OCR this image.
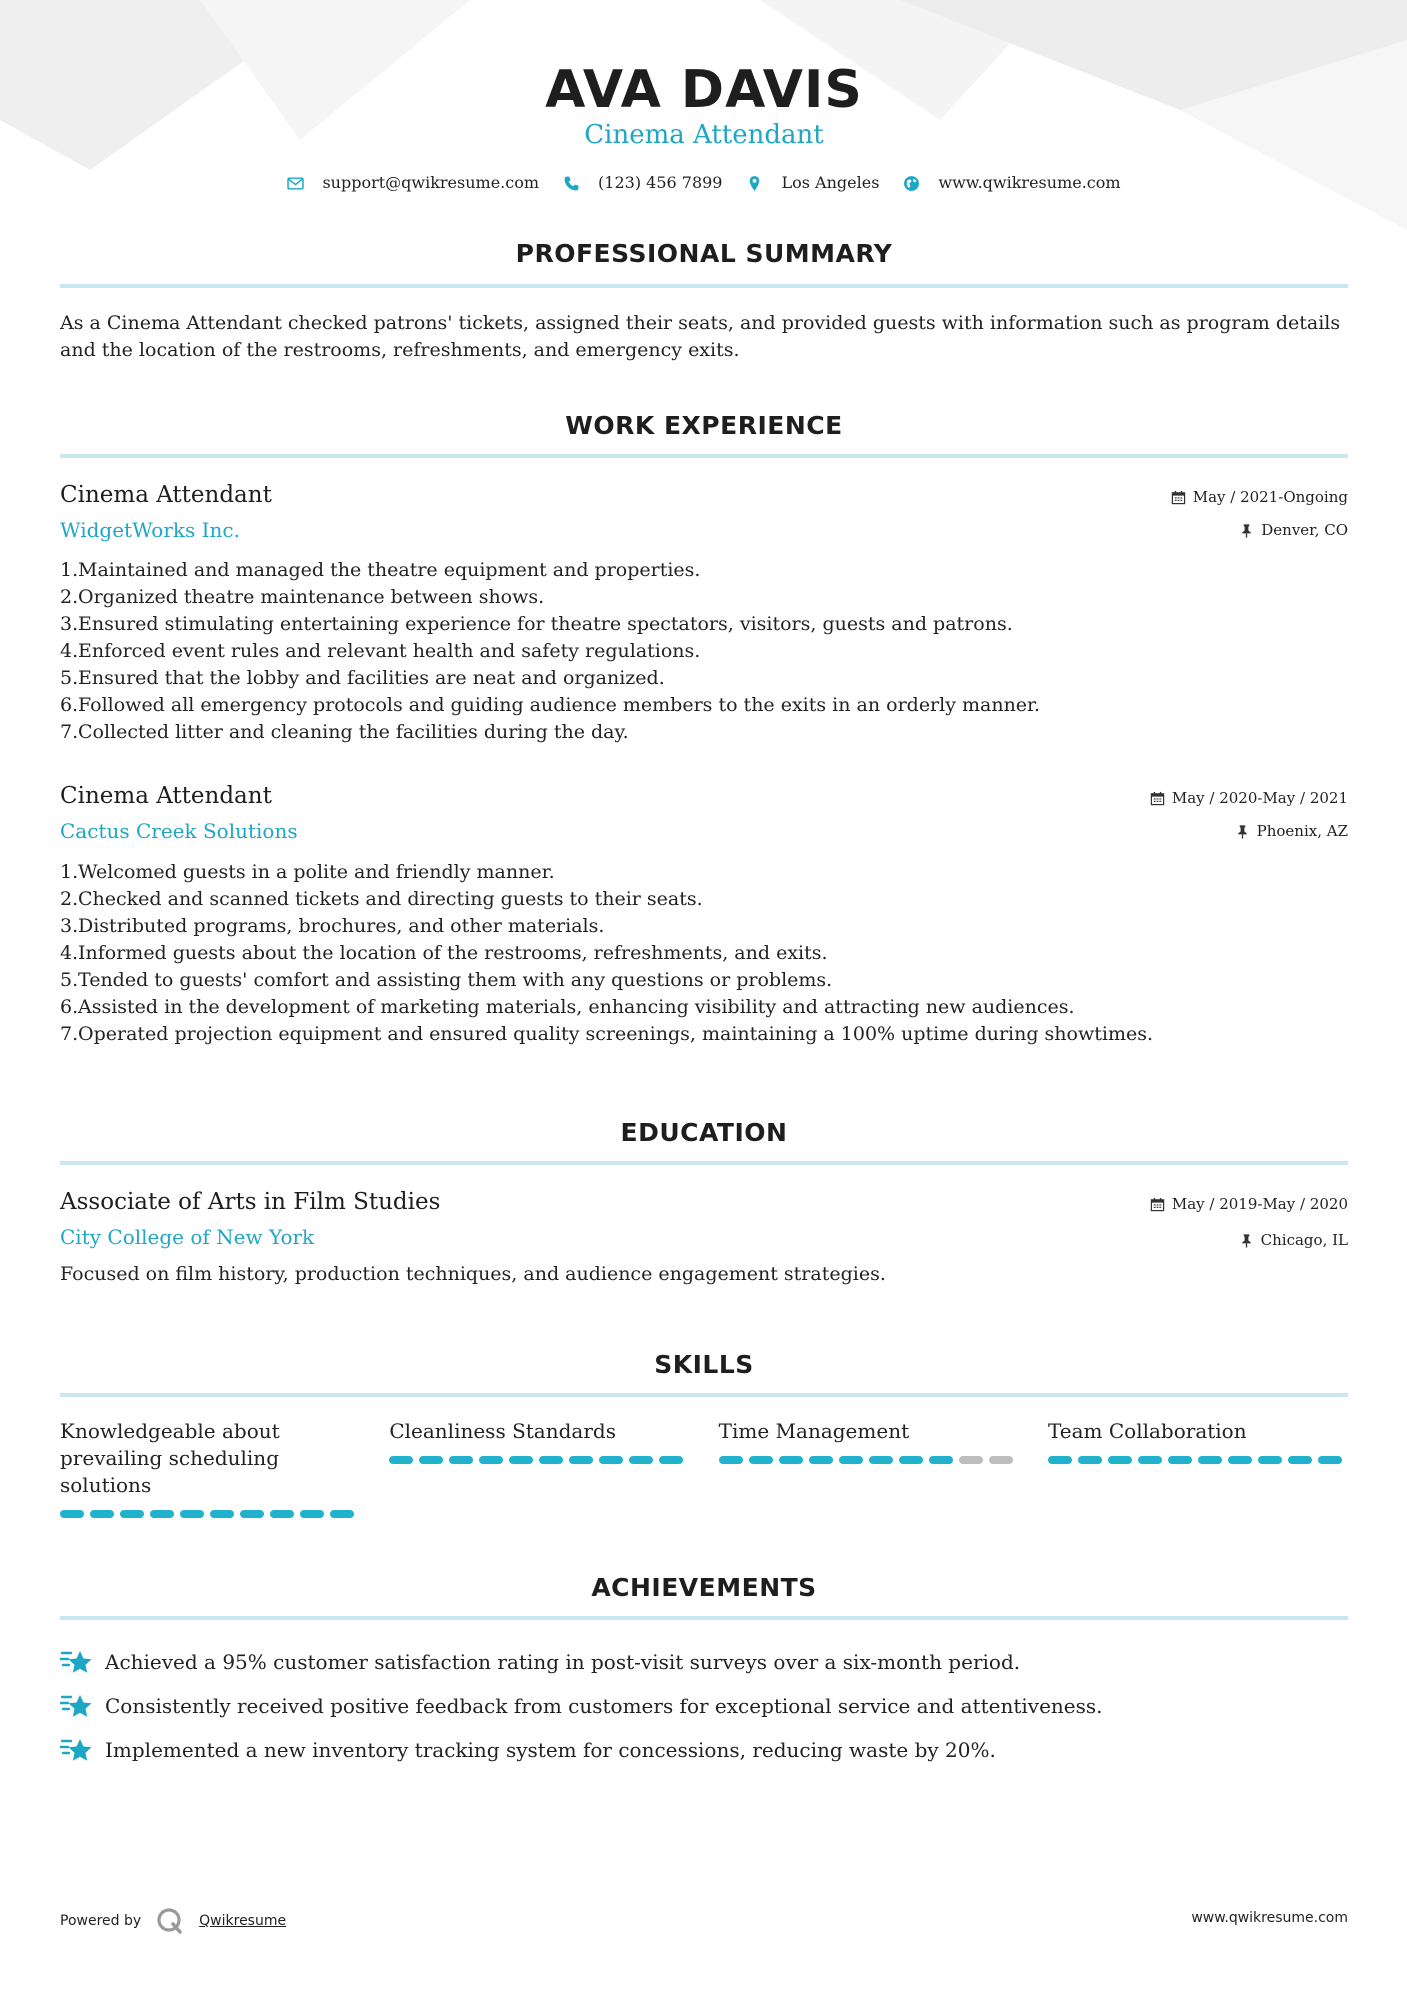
AVA DAVIS
Cinema Attendant
support@qwikresume.com	(123) 456 7899	Los Angeles	www.qwikresume.com
PROFESSIONAL SUMMARY
As a Cinema Attendant checked patrons' tickets, assigned their seats, and provided guests with information such as program details and the location of the restrooms, refreshments, and emergency exits.
WORK EXPERIENCE
Cinema Attendant
WidgetWorks Inc.
May / 2021-Ongoing
Denver, CO
1. Maintained and managed the theatre equipment and properties.
2. Organized theatre maintenance between shows.
3. Ensured stimulating entertaining experience for theatre spectators, visitors, guests and patrons.
4. Enforced event rules and relevant health and safety regulations.
5. Ensured that the lobby and facilities are neat and organized.
6. Followed all emergency protocols and guiding audience members to the exits in an orderly manner.
7. Collected litter and cleaning the facilities during the day.
Cinema Attendant
Cactus Creek Solutions
May / 2020-May / 2021
Phoenix, AZ
1. Welcomed guests in a polite and friendly manner.
2. Checked and scanned tickets and directing guests to their seats.
3. Distributed programs, brochures, and other materials.
4. Informed guests about the location of the restrooms, refreshments, and exits.
5. Tended to guests' comfort and assisting them with any questions or problems.
6. Assisted in the development of marketing materials, enhancing visibility and attracting new audiences.
7. Operated projection equipment and ensured quality screenings, maintaining a 100% uptime during showtimes.
EDUCATION
Associate of Arts in Film Studies
City College of New York
May / 2019-May / 2020
Chicago, IL
Focused on film history, production techniques, and audience engagement strategies.
SKILLS
Knowledgeable about prevailing scheduling solutions
Cleanliness Standards	Time Management	Team Collaboration
ACHIEVEMENTS
Achieved a 95% customer satisfaction rating in post-visit surveys over a six-month period.
Consistently received positive feedback from customers for exceptional service and attentiveness.
Implemented a new inventory tracking system for concessions, reducing waste by 20%.
Powered by	Qwikresume	www.qwikresume.com
